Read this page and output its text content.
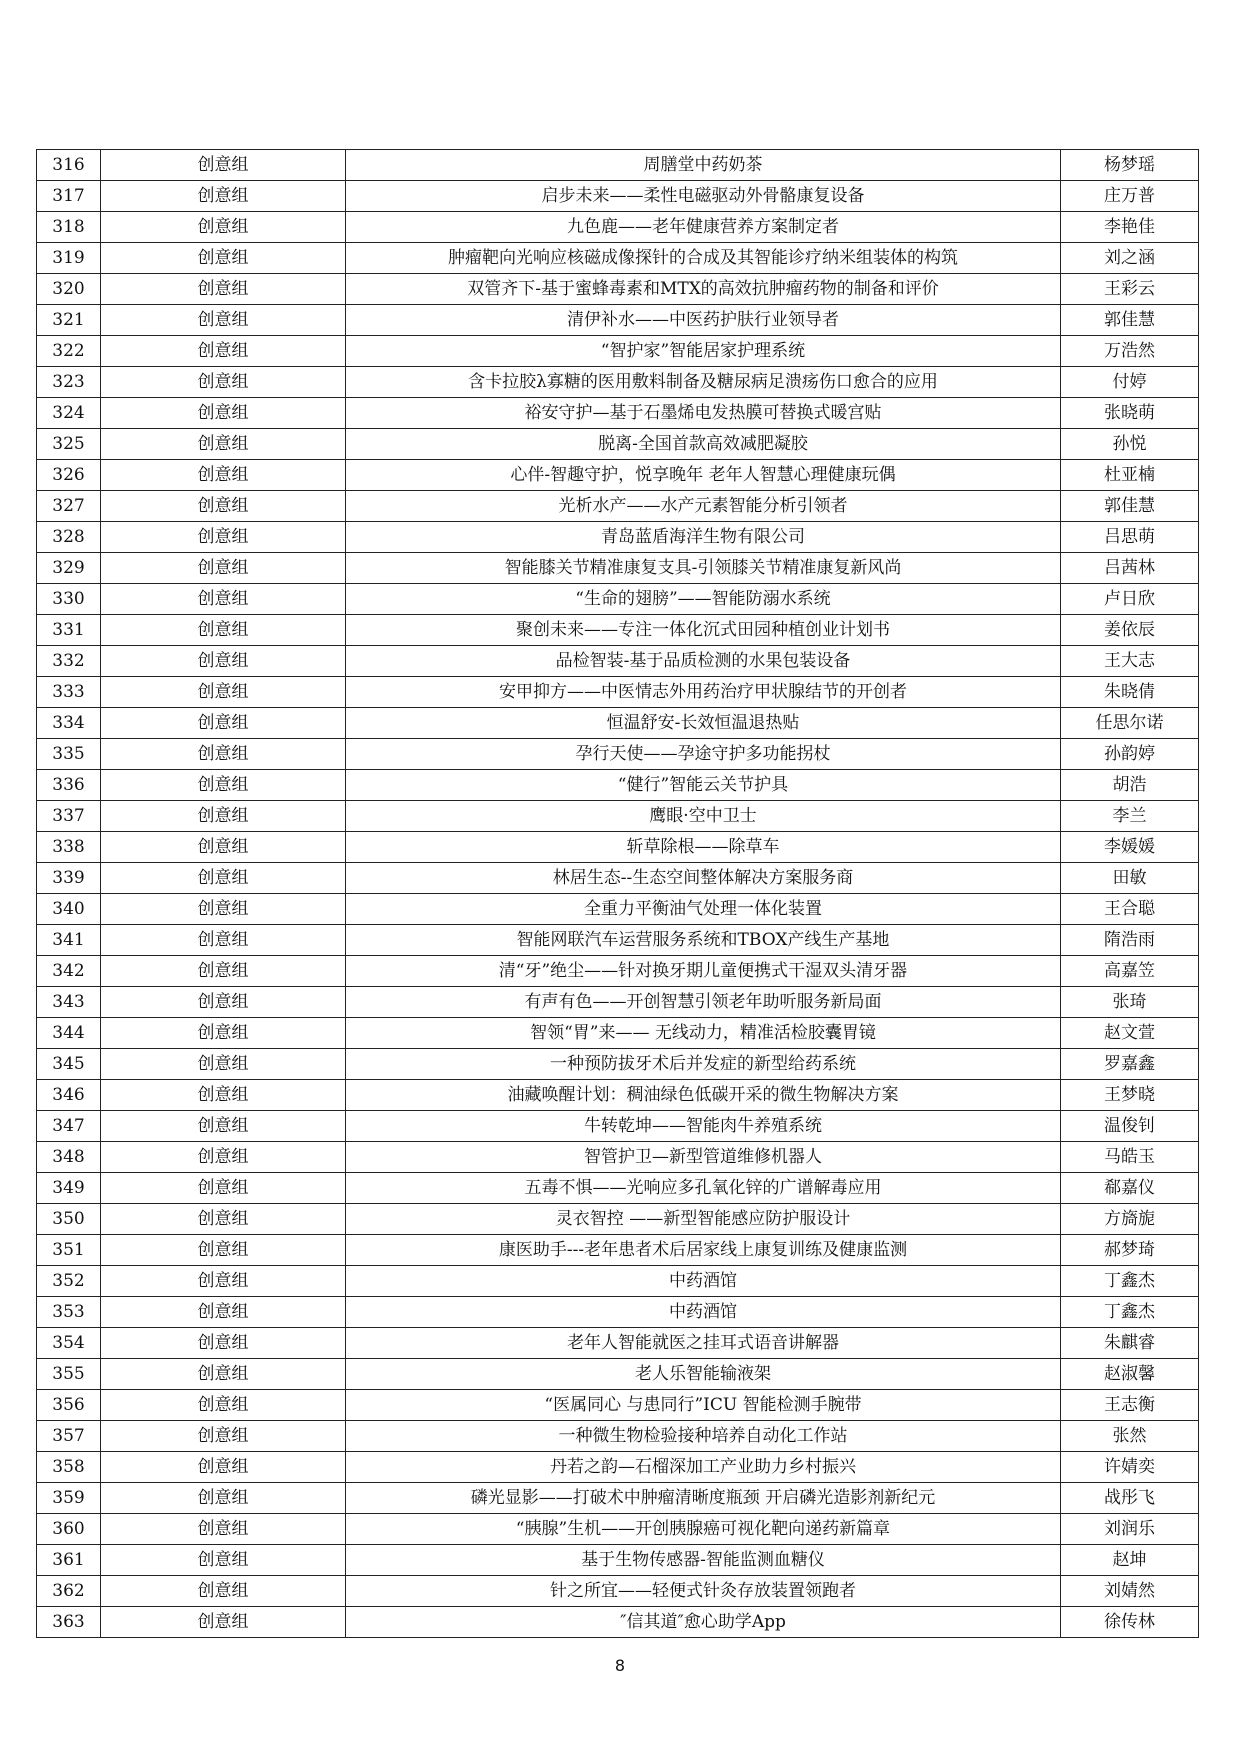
316	创意组	周膳堂中药奶茶	杨梦瑶
317	创意组	启步未来——柔性电磁驱动外骨骼康复设备	庄万普
318	创意组	九色鹿——老年健康营养方案制定者	李艳佳
319	创意组	肿瘤靶向光响应核磁成像探针的合成及其智能诊疗纳米组装体的构筑	刘之涵
320	创意组	双管齐下-基于蜜蜂毒素和MTX的高效抗肿瘤药物的制备和评价	王彩云
321	创意组	清伊补水——中医药护肤行业领导者	郭佳慧
322	创意组	“智护家”智能居家护理系统	万浩然
323	创意组	含卡拉胶λ寡糖的医用敷料制备及糖尿病足溃疡伤口愈合的应用	付婷
324	创意组	裕安守护—基于石墨烯电发热膜可替换式暖宫贴	张晓萌
325	创意组	脱离-全国首款高效减肥凝胶	孙悦
326	创意组	心伴-智趣守护，悦享晚年 老年人智慧心理健康玩偶	杜亚楠
327	创意组	光析水产——水产元素智能分析引领者	郭佳慧
328	创意组	青岛蓝盾海洋生物有限公司	吕思萌
329	创意组	智能膝关节精准康复支具-引领膝关节精准康复新风尚	吕茜林
330	创意组	“生命的翅膀”——智能防溺水系统	卢日欣
331	创意组	聚创未来——专注一体化沉式田园种植创业计划书	姜依辰
332	创意组	品检智装-基于品质检测的水果包装设备	王大志
333	创意组	安甲抑方——中医情志外用药治疗甲状腺结节的开创者	朱晓倩
334	创意组	恒温舒安-长效恒温退热贴	任思尔诺
335	创意组	孕行天使——孕途守护多功能拐杖	孙韵婷
336	创意组	“健行”智能云关节护具	胡浩
337	创意组	鹰眼·空中卫士	李兰
338	创意组	斩草除根——除草车	李媛媛
339	创意组	林居生态--生态空间整体解决方案服务商	田敏
340	创意组	全重力平衡油气处理一体化装置	王合聪
341	创意组	智能网联汽车运营服务系统和TBOX产线生产基地	隋浩雨
342	创意组	清“牙”绝尘——针对换牙期儿童便携式干湿双头清牙器	高嘉笠
343	创意组	有声有色——开创智慧引领老年助听服务新局面	张琦
344	创意组	智领“胃”来—— 无线动力，精准活检胶囊胃镜	赵文萱
345	创意组	一种预防拔牙术后并发症的新型给药系统	罗嘉鑫
346	创意组	油藏唤醒计划：稠油绿色低碳开采的微生物解决方案	王梦晓
347	创意组	牛转乾坤——智能肉牛养殖系统	温俊钊
348	创意组	智管护卫—新型管道维修机器人	马皓玉
349	创意组	五毒不惧——光响应多孔氧化锌的广谱解毒应用	郗嘉仪
350	创意组	灵衣智控 ——新型智能感应防护服设计	方旖旎
351	创意组	康医助手---老年患者术后居家线上康复训练及健康监测	郝梦琦
352	创意组	中药酒馆	丁鑫杰
353	创意组	中药酒馆	丁鑫杰
354	创意组	老年人智能就医之挂耳式语音讲解器	朱麒睿
355	创意组	老人乐智能输液架	赵淑馨
356	创意组	“医属同心 与患同行”ICU 智能检测手腕带	王志衡
357	创意组	一种微生物检验接种培养自动化工作站	张然
358	创意组	丹若之韵—石榴深加工产业助力乡村振兴	许婧奕
359	创意组	磷光显影——打破术中肿瘤清晰度瓶颈 开启磷光造影剂新纪元	战彤飞
360	创意组	“胰腺”生机——开创胰腺癌可视化靶向递药新篇章	刘润乐
361	创意组	基于生物传感器-智能监测血糖仪	赵坤
362	创意组	针之所宜——轻便式针灸存放装置领跑者	刘婧然
363	创意组	″信其道″愈心助学App	徐传林
8
